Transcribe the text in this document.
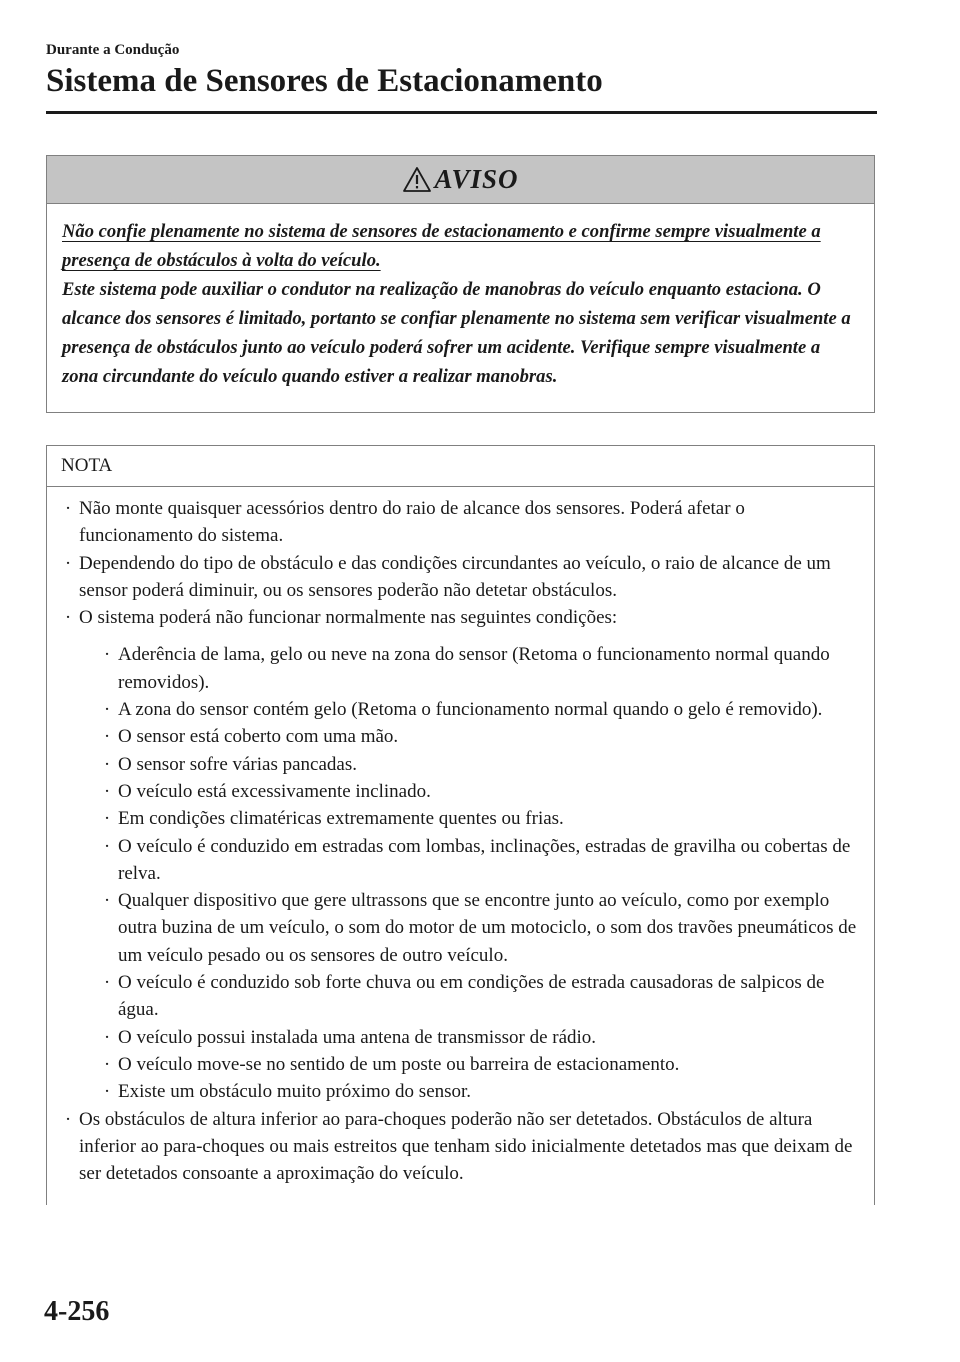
Durante a Condução

Sistema de Sensores de Estacionamento
AVISO

Não confie plenamente no sistema de sensores de estacionamento e confirme sempre visualmente a presença de obstáculos à volta do veículo.

Este sistema pode auxiliar o condutor na realização de manobras do veículo enquanto estaciona. O alcance dos sensores é limitado, portanto se confiar plenamente no sistema sem verificar visualmente a presença de obstáculos junto ao veículo poderá sofrer um acidente. Verifique sempre visualmente a zona circundante do veículo quando estiver a realizar manobras.

NOTA
· Não monte quaisquer acessórios dentro do raio de alcance dos sensores. Poderá afetar o funcionamento do sistema.
· Dependendo do tipo de obstáculo e das condições circundantes ao veículo, o raio de alcance de um sensor poderá diminuir, ou os sensores poderão não detetar obstáculos.
· O sistema poderá não funcionar normalmente nas seguintes condições:
· Aderência de lama, gelo ou neve na zona do sensor (Retoma o funcionamento normal quando removidos).
· A zona do sensor contém gelo (Retoma o funcionamento normal quando o gelo é removido).
· O sensor está coberto com uma mão.
· O sensor sofre várias pancadas.
· O veículo está excessivamente inclinado.
· Em condições climatéricas extremamente quentes ou frias.
· O veículo é conduzido em estradas com lombas, inclinações, estradas de gravilha ou cobertas de relva.
· Qualquer dispositivo que gere ultrassons que se encontre junto ao veículo, como por exemplo outra buzina de um veículo, o som do motor de um motociclo, o som dos travões pneumáticos de um veículo pesado ou os sensores de outro veículo.
· O veículo é conduzido sob forte chuva ou em condições de estrada causadoras de salpicos de água.
· O veículo possui instalada uma antena de transmissor de rádio.
· O veículo move-se no sentido de um poste ou barreira de estacionamento.
· Existe um obstáculo muito próximo do sensor.
· Os obstáculos de altura inferior ao para-choques poderão não ser detetados. Obstáculos de altura inferior ao para-choques ou mais estreitos que tenham sido inicialmente detetados mas que deixam de ser detetados consoante a aproximação do veículo.

4-256
